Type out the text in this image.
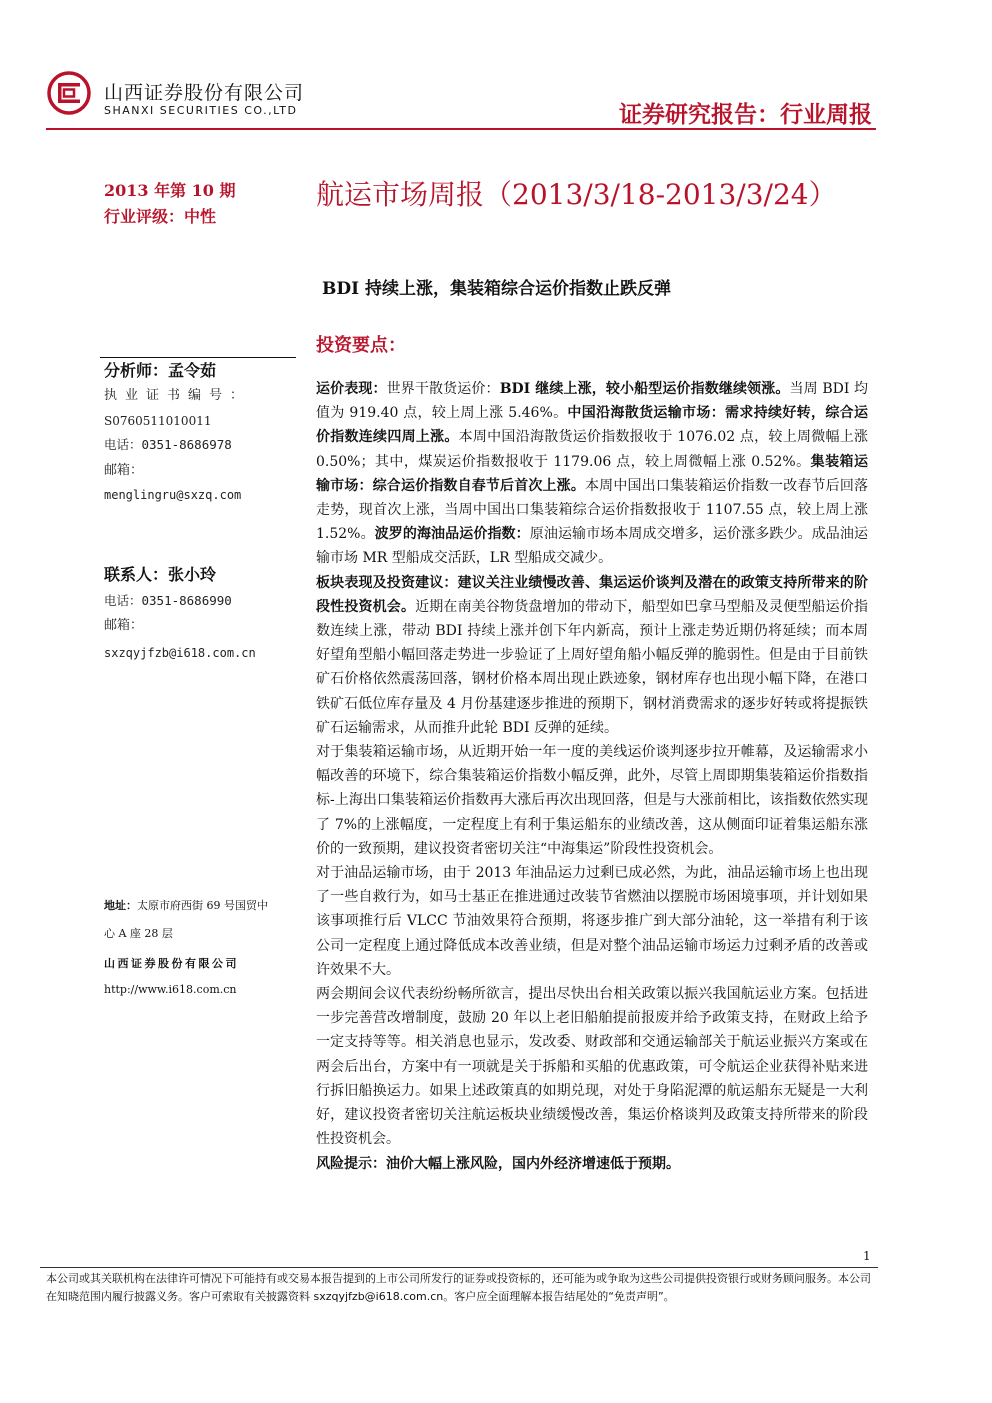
山西证券股份有限公司
SHANXI SECURITIES CO.,LTD	证券研究报告：行业周报
2013 年第 10 期
行业评级：中性
航运市场周报（2013/3/18-2013/3/24）
BDI 持续上涨，集装箱综合运价指数止跌反弹
投资要点：
分析师：孟令茹
执业证书编号：
S0760511010011
电话：0351-8686978
邮箱：
menglingru@sxzq.com
联系人：张小玲
电话：0351-8686990
邮箱：
sxzqyjfzb@i618.com.cn
地址：太原市府西街 69 号国贸中心 A 座 28 层
山西证券股份有限公司
http://www.i618.com.cn

运价表现：世界干散货运价：BDI 继续上涨，较小船型运价指数继续领涨。当周 BDI 均值为 919.40 点，较上周上涨 5.46%。中国沿海散货运输市场：需求持续好转，综合运价指数连续四周上涨。本周中国沿海散货运价指数报收于 1076.02 点，较上周微幅上涨 0.50%；其中，煤炭运价指数报收于 1179.06 点，较上周微幅上涨 0.52%。集装箱运输市场：综合运价指数自春节后首次上涨。本周中国出口集装箱运价指数一改春节后回落走势，现首次上涨，当周中国出口集装箱综合运价指数报收于 1107.55 点，较上周上涨 1.52%。波罗的海油品运价指数：原油运输市场本周成交增多，运价涨多跌少。成品油运输市场 MR 型船成交活跃，LR 型船成交减少。

板块表现及投资建议：建议关注业绩慢改善、集运运价谈判及潜在的政策支持所带来的阶段性投资机会。近期在南美谷物货盘增加的带动下，船型如巴拿马型船及灵便型船运价指数连续上涨，带动 BDI 持续上涨并创下年内新高，预计上涨走势近期仍将延续；而本周好望角型船小幅回落走势进一步验证了上周好望角船小幅反弹的脆弱性。但是由于目前铁矿石价格依然震荡回落，钢材价格本周出现止跌迹象，钢材库存也出现小幅下降，在港口铁矿石低位库存量及 4 月份基建逐步推进的预期下，钢材消费需求的逐步好转或将提振铁矿石运输需求，从而推升此轮 BDI 反弹的延续。

对于集装箱运输市场，从近期开始一年一度的美线运价谈判逐步拉开帷幕，及运输需求小幅改善的环境下，综合集装箱运价指数小幅反弹，此外，尽管上周即期集装箱运价指数指标-上海出口集装箱运价指数再大涨后再次出现回落，但是与大涨前相比，该指数依然实现了 7%的上涨幅度，一定程度上有利于集运船东的业绩改善，这从侧面印证着集运船东涨价的一致预期，建议投资者密切关注“中海集运”阶段性投资机会。

对于油品运输市场，由于 2013 年油品运力过剩已成必然，为此，油品运输市场上也出现了一些自救行为，如马士基正在推进通过改装节省燃油以摆脱市场困境事项，并计划如果该事项推行后 VLCC 节油效果符合预期，将逐步推广到大部分油轮，这一举措有利于该公司一定程度上通过降低成本改善业绩，但是对整个油品运输市场运力过剩矛盾的改善或许效果不大。

两会期间会议代表纷纷畅所欲言，提出尽快出台相关政策以振兴我国航运业方案。包括进一步完善营改增制度，鼓励 20 年以上老旧船舶提前报废并给予政策支持，在财政上给予一定支持等等。相关消息也显示，发改委、财政部和交通运输部关于航运业振兴方案或在两会后出台，方案中有一项就是关于拆船和买船的优惠政策，可令航运企业获得补贴来进行拆旧船换运力。如果上述政策真的如期兑现，对处于身陷泥潭的航运船东无疑是一大利好，建议投资者密切关注航运板块业绩缓慢改善，集运价格谈判及政策支持所带来的阶段性投资机会。

风险提示：油价大幅上涨风险，国内外经济增速低于预期。

1
本公司或其关联机构在法律许可情况下可能持有或交易本报告提到的上市公司所发行的证券或投资标的，还可能为或争取为这些公司提供投资银行或财务顾问服务。本公司在知晓范围内履行披露义务。客户可索取有关披露资料 sxzqyjfzb@i618.com.cn。客户应全面理解本报告结尾处的“免责声明”。
